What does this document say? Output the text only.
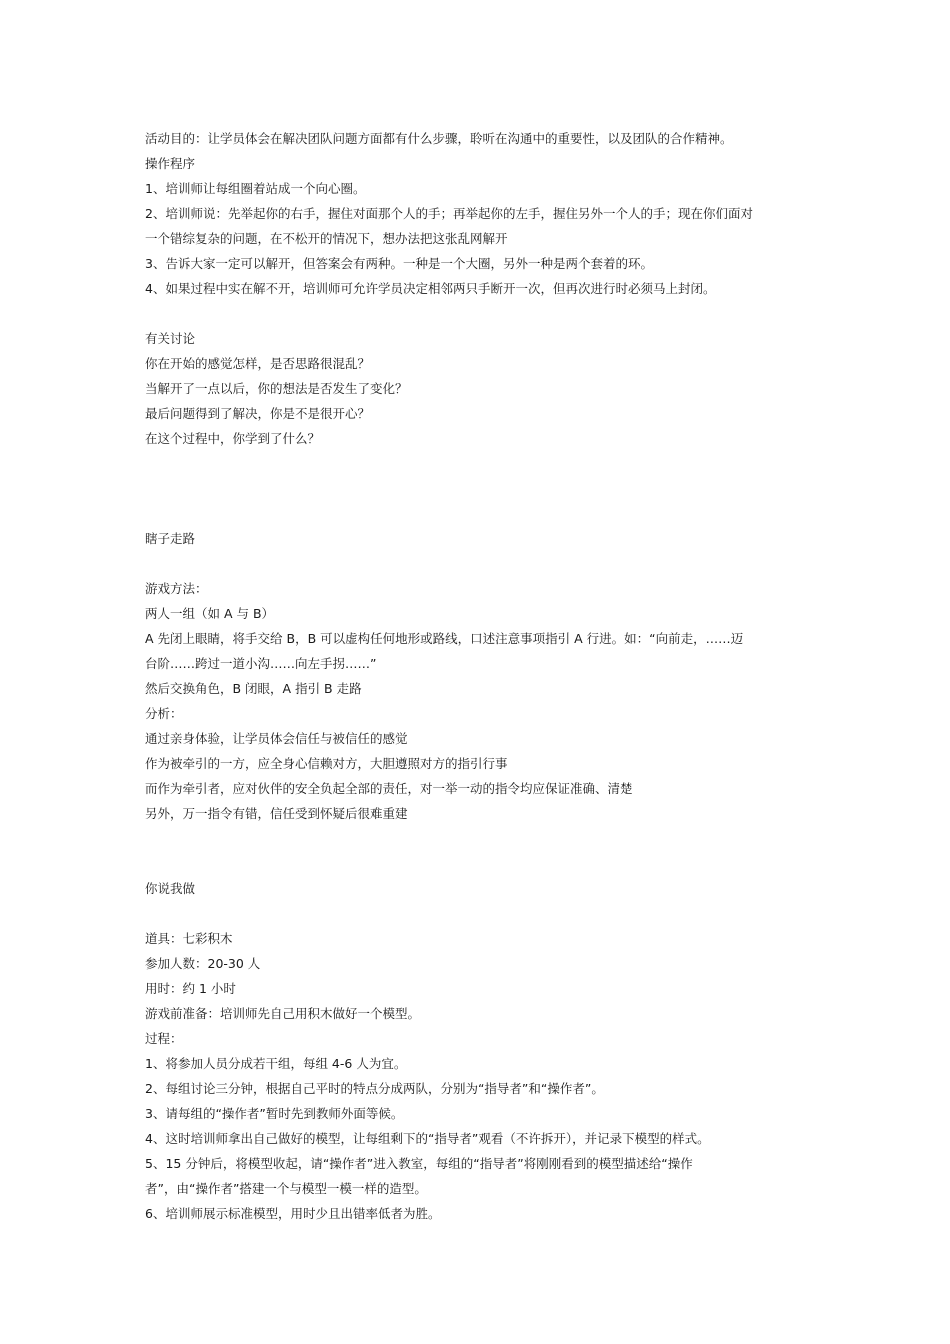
活动目的：让学员体会在解决团队问题方面都有什么步骤，聆听在沟通中的重要性，以及团队的合作精神。

操作程序

1、培训师让每组圈着站成一个向心圈。

2、培训师说：先举起你的右手，握住对面那个人的手；再举起你的左手，握住另外一个人的手；现在你们面对

一个错综复杂的问题，在不松开的情况下，想办法把这张乱网解开

3、告诉大家一定可以解开，但答案会有两种。一种是一个大圈，另外一种是两个套着的环。

4、如果过程中实在解不开，培训师可允许学员决定相邻两只手断开一次，但再次进行时必须马上封闭。

有关讨论

你在开始的感觉怎样，是否思路很混乱？

当解开了一点以后，你的想法是否发生了变化？

最后问题得到了解决，你是不是很开心？

在这个过程中，你学到了什么？

瞎子走路

游戏方法：

两人一组（如 A 与 B）

A 先闭上眼睛，将手交给 B，B 可以虚构任何地形或路线，口述注意事项指引 A 行进。如：“向前走，……迈

台阶……跨过一道小沟……向左手拐……”

然后交换角色，B 闭眼，A 指引 B 走路

分析：

通过亲身体验，让学员体会信任与被信任的感觉

作为被牵引的一方，应全身心信赖对方，大胆遵照对方的指引行事

而作为牵引者，应对伙伴的安全负起全部的责任，对一举一动的指令均应保证准确、清楚

另外，万一指令有错，信任受到怀疑后很难重建

你说我做

道具：七彩积木

参加人数：20-30 人

用时：约 1 小时

游戏前准备：培训师先自己用积木做好一个模型。

过程：

1、将参加人员分成若干组，每组 4-6 人为宜。

2、每组讨论三分钟，根据自己平时的特点分成两队，分别为“指导者”和“操作者”。

3、请每组的“操作者”暂时先到教师外面等候。

4、这时培训师拿出自己做好的模型，让每组剩下的“指导者”观看（不许拆开），并记录下模型的样式。

5、15 分钟后，将模型收起，请“操作者”进入教室，每组的“指导者”将刚刚看到的模型描述给“操作

者”，由“操作者”搭建一个与模型一模一样的造型。

6、培训师展示标准模型，用时少且出错率低者为胜。
